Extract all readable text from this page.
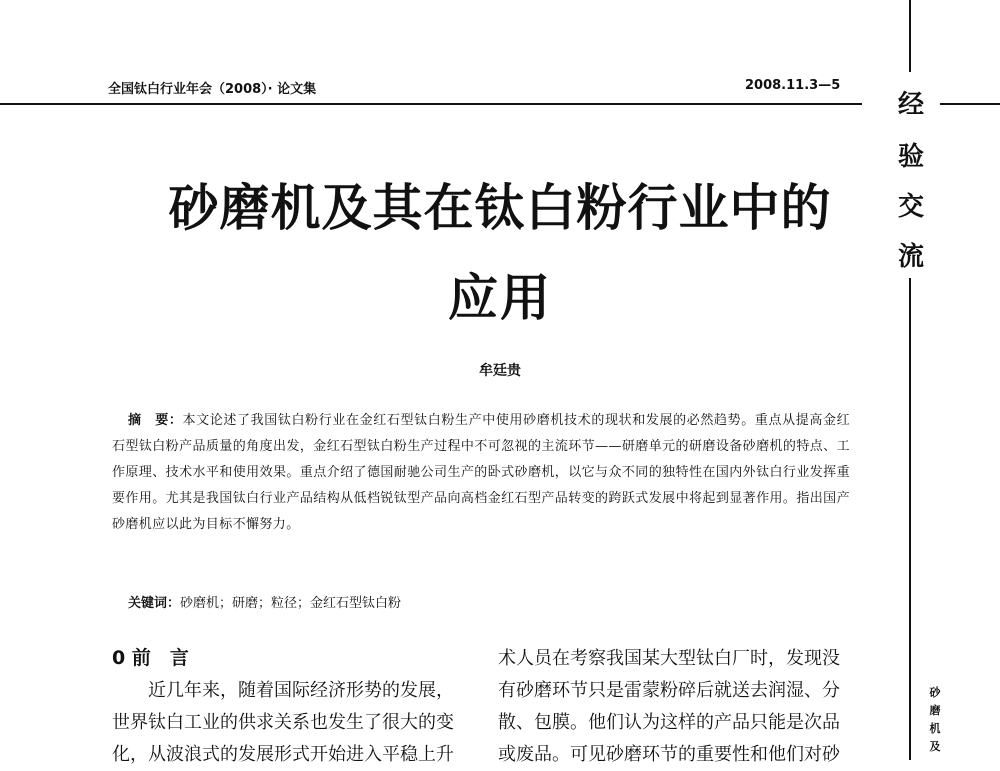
全国钛白行业年会（2008）· 论文集	2008.11.3—5
经
验
交
流
砂
磨
机
及
砂磨机及其在钛白粉行业中的
应用
牟廷贵
摘　要：本文论述了我国钛白粉行业在金红石型钛白粉生产中使用砂磨机技术的现状和发展的必然趋势。重点从提高金红石型钛白粉产品质量的角度出发，金红石型钛白粉生产过程中不可忽视的主流环节——研磨单元的研磨设备砂磨机的特点、工作原理、技术水平和使用效果。重点介绍了德国耐驰公司生产的卧式砂磨机，以它与众不同的独特性在国内外钛白行业发挥重要作用。尤其是我国钛白行业产品结构从低档锐钛型产品向高档金红石型产品转变的跨跃式发展中将起到显著作用。指出国产砂磨机应以此为目标不懈努力。
关键词：砂磨机；研磨；粒径；金红石型钛白粉
0 前　言

　　近几年来，随着国际经济形势的发展，

世界钛白工业的供求关系也发生了很大的变

化，从波浪式的发展形式开始进入平稳上升

术人员在考察我国某大型钛白厂时，发现没

有砂磨环节只是雷蒙粉碎后就送去润湿、分

散、包膜。他们认为这样的产品只能是次品

或废品。可见砂磨环节的重要性和他们对砂
